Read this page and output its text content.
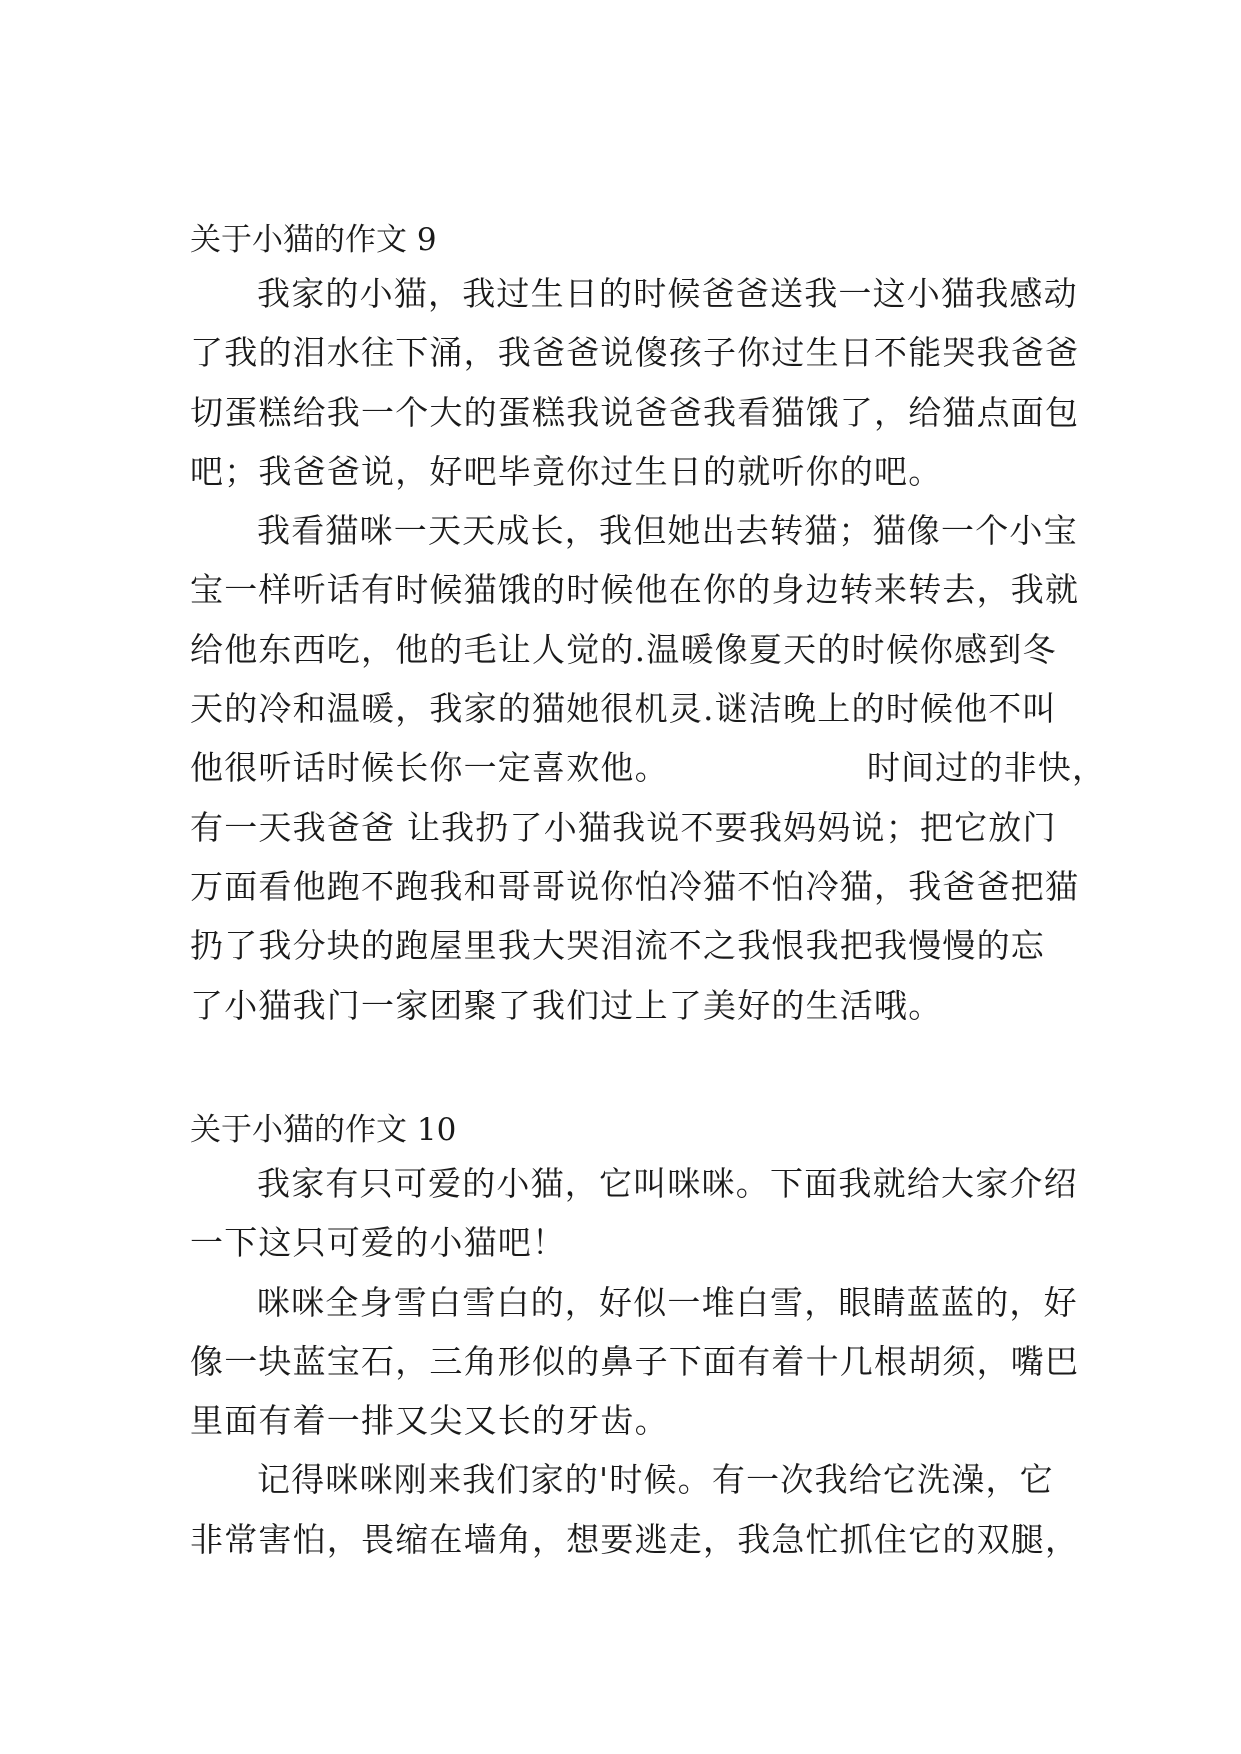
关于小猫的作文 9
我家的小猫，我过生日的时候爸爸送我一这小猫我感动
了我的泪水往下涌，我爸爸说傻孩子你过生日不能哭我爸爸
切蛋糕给我一个大的蛋糕我说爸爸我看猫饿了，给猫点面包
吧；我爸爸说，好吧毕竟你过生日的就听你的吧。
我看猫咪一天天成长，我但她出去转猫；猫像一个小宝
宝一样听话有时候猫饿的时候他在你的身边转来转去，我就
给他东西吃，他的毛让人觉的.温暖像夏天的时候你感到冬
天的冷和温暖，我家的猫她很机灵.谜洁晚上的时候他不叫
他很听话时候长你一定喜欢他。	时间过的非快，
有一天我爸爸 让我扔了小猫我说不要我妈妈说；把它放门
万面看他跑不跑我和哥哥说你怕冷猫不怕冷猫，我爸爸把猫
扔了我分块的跑屋里我大哭泪流不之我恨我把我慢慢的忘
了小猫我门一家团聚了我们过上了美好的生活哦。
关于小猫的作文 10
我家有只可爱的小猫，它叫咪咪。下面我就给大家介绍
一下这只可爱的小猫吧！
咪咪全身雪白雪白的，好似一堆白雪，眼睛蓝蓝的，好
像一块蓝宝石，三角形似的鼻子下面有着十几根胡须，嘴巴
里面有着一排又尖又长的牙齿。
记得咪咪刚来我们家的'时候。有一次我给它洗澡，它
非常害怕，畏缩在墙角，想要逃走，我急忙抓住它的双腿，
